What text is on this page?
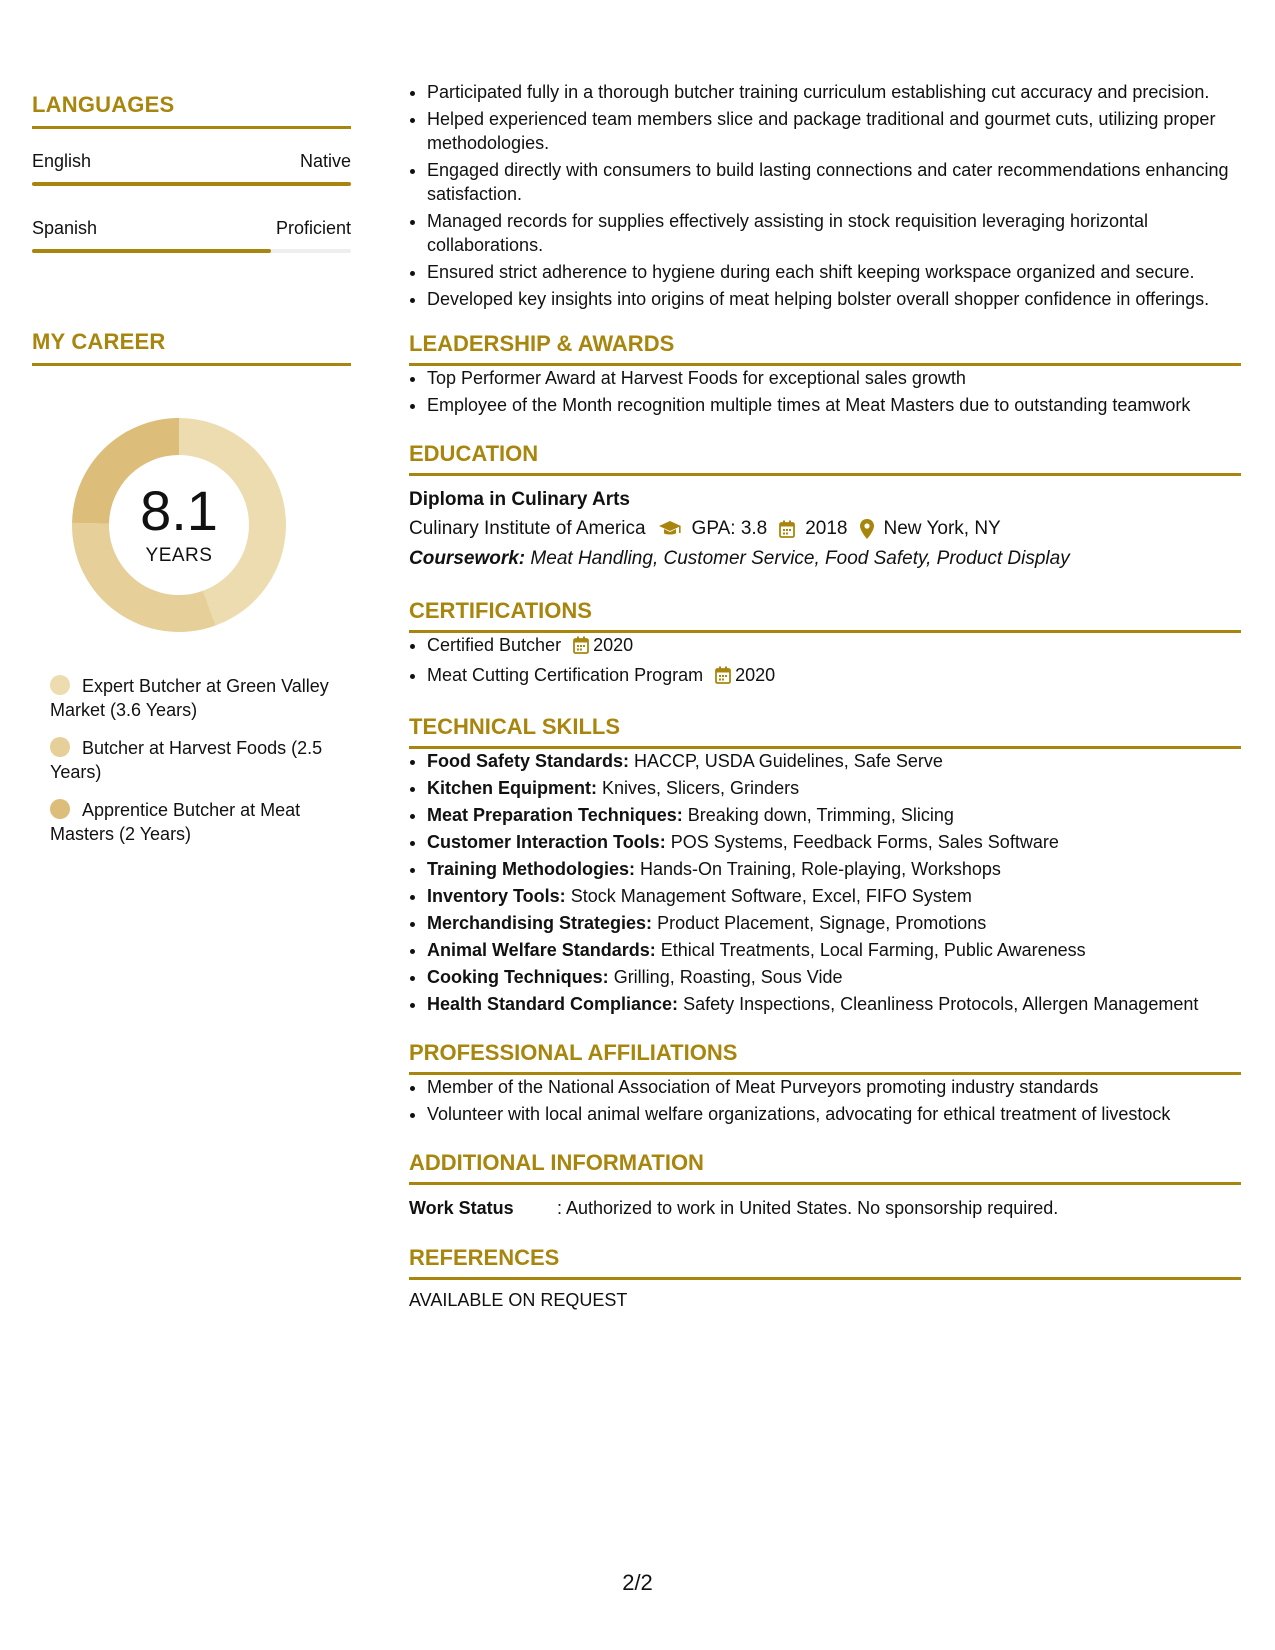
LANGUAGES
English	Native
Spanish	Proficient
MY CAREER
8.1
YEARS
Expert Butcher at Green Valley Market (3.6 Years)
Butcher at Harvest Foods (2.5 Years)
Apprentice Butcher at Meat Masters (2 Years)
• Participated fully in a thorough butcher training curriculum establishing cut accuracy and precision.
• Helped experienced team members slice and package traditional and gourmet cuts, utilizing proper methodologies.
• Engaged directly with consumers to build lasting connections and cater recommendations enhancing satisfaction.
• Managed records for supplies effectively assisting in stock requisition leveraging horizontal collaborations.
• Ensured strict adherence to hygiene during each shift keeping workspace organized and secure.
• Developed key insights into origins of meat helping bolster overall shopper confidence in offerings.
LEADERSHIP & AWARDS
• Top Performer Award at Harvest Foods for exceptional sales growth
• Employee of the Month recognition multiple times at Meat Masters due to outstanding teamwork
EDUCATION
Diploma in Culinary Arts
Culinary Institute of America GPA: 3.8 2018 New York, NY
Coursework: Meat Handling, Customer Service, Food Safety, Product Display
CERTIFICATIONS
• Certified Butcher 2020
• Meat Cutting Certification Program 2020
TECHNICAL SKILLS
• Food Safety Standards: HACCP, USDA Guidelines, Safe Serve
• Kitchen Equipment: Knives, Slicers, Grinders
• Meat Preparation Techniques: Breaking down, Trimming, Slicing
• Customer Interaction Tools: POS Systems, Feedback Forms, Sales Software
• Training Methodologies: Hands-On Training, Role-playing, Workshops
• Inventory Tools: Stock Management Software, Excel, FIFO System
• Merchandising Strategies: Product Placement, Signage, Promotions
• Animal Welfare Standards: Ethical Treatments, Local Farming, Public Awareness
• Cooking Techniques: Grilling, Roasting, Sous Vide
• Health Standard Compliance: Safety Inspections, Cleanliness Protocols, Allergen Management
PROFESSIONAL AFFILIATIONS
• Member of the National Association of Meat Purveyors promoting industry standards
• Volunteer with local animal welfare organizations, advocating for ethical treatment of livestock
ADDITIONAL INFORMATION
Work Status	: Authorized to work in United States. No sponsorship required.
REFERENCES
AVAILABLE ON REQUEST
2/2
